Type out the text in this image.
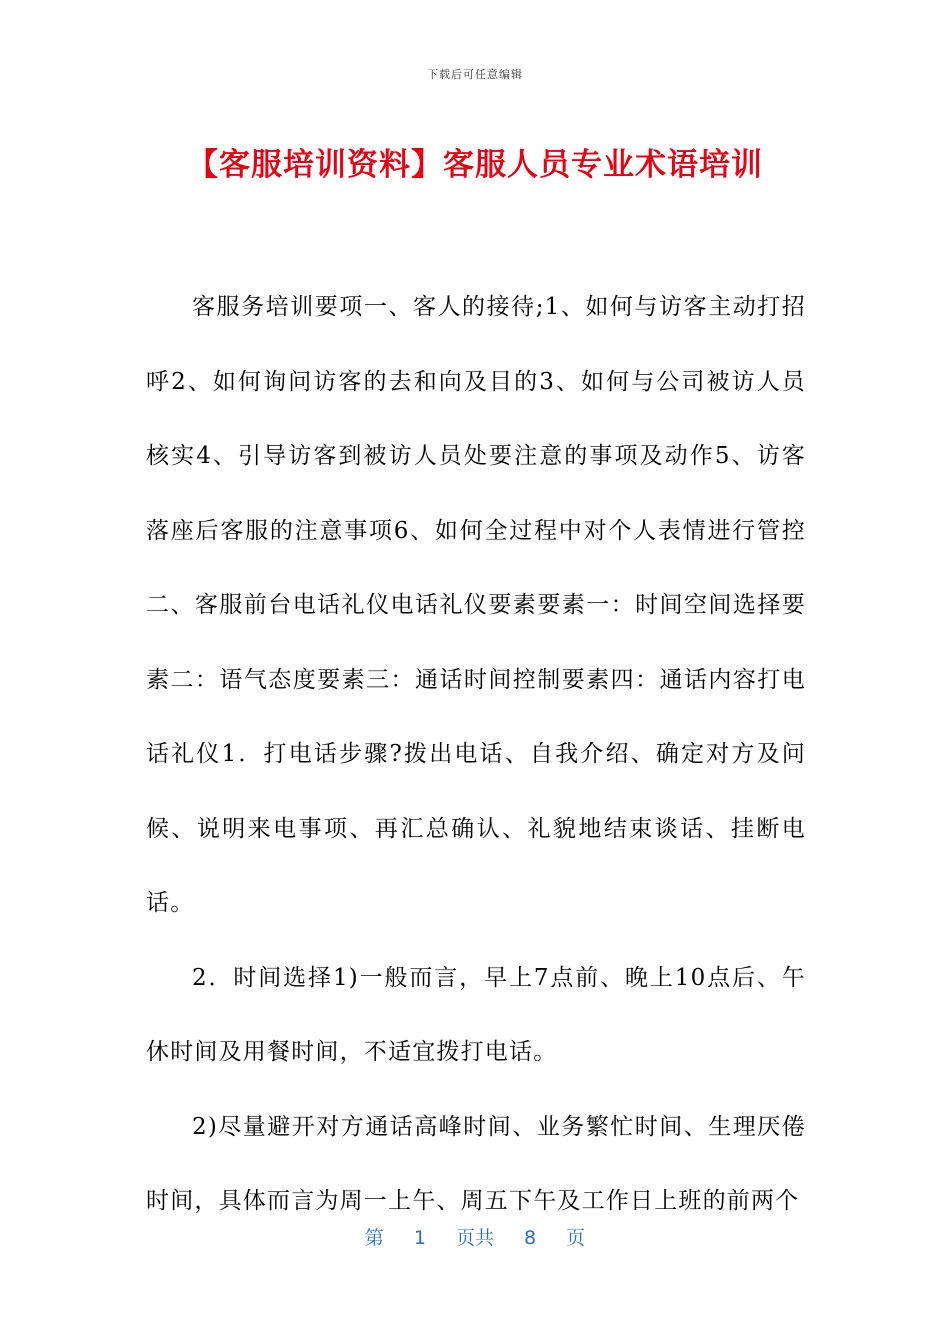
下载后可任意编辑
【客服培训资料】客服人员专业术语培训

客服务培训要项一、客人的接待;1、如何与访客主动打招呼2、如何询问访客的去和向及目的3、如何与公司被访人员核实4、引导访客到被访人员处要注意的事项及动作5、访客落座后客服的注意事项6、如何全过程中对个人表情进行管控二、客服前台电话礼仪电话礼仪要素要素一：时间空间选择要素二：语气态度要素三：通话时间控制要素四：通话内容打电话礼仪1．打电话步骤?拨出电话、自我介绍、确定对方及问候、说明来电事项、再汇总确认、礼貌地结束谈话、挂断电话。

2．时间选择1)一般而言，早上7点前、晚上10点后、午休时间及用餐时间，不适宜拨打电话。

2)尽量避开对方通话高峰时间、业务繁忙时间、生理厌倦时间，具体而言为周一上午、周五下午及工作日上班的前两个

第 1 页共 8 页
